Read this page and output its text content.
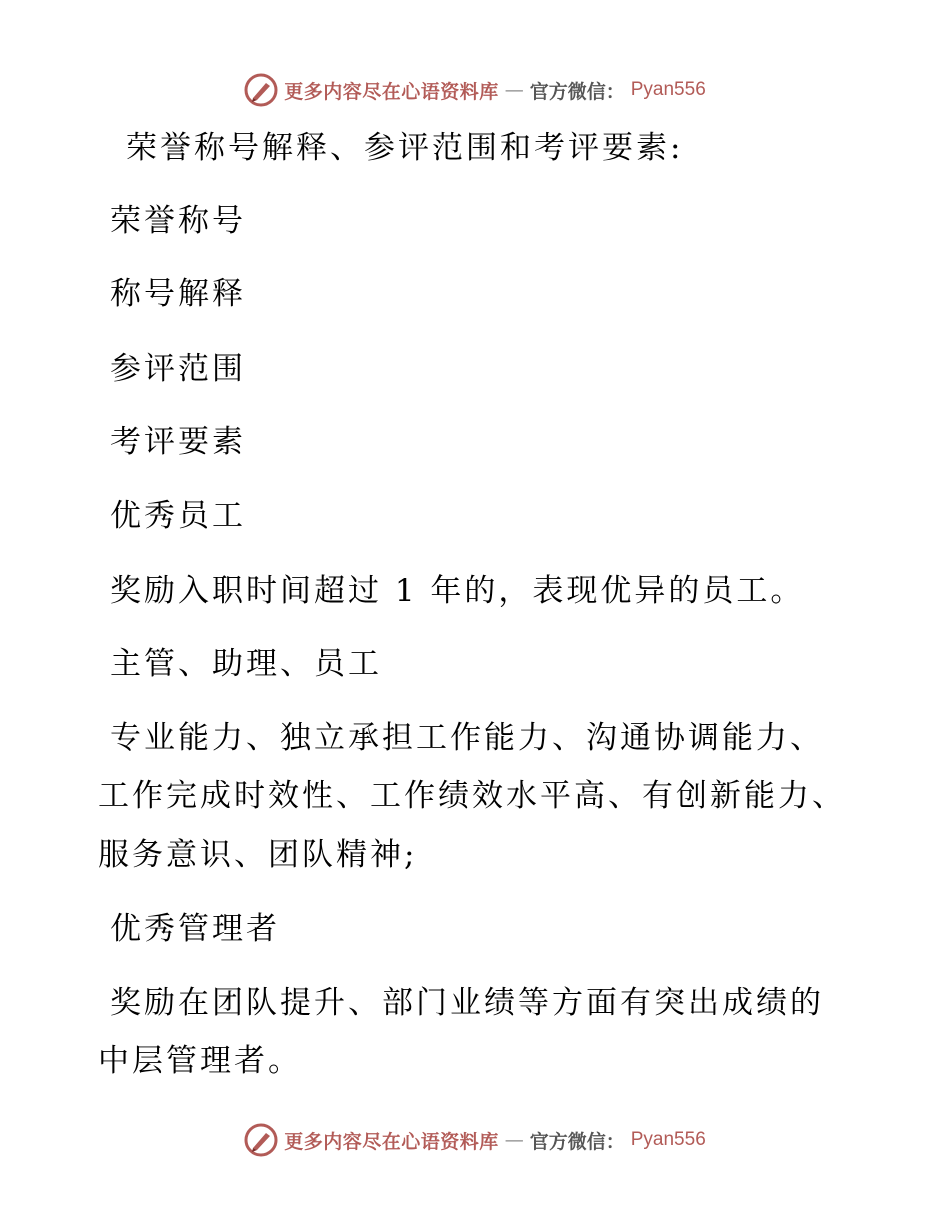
更多内容尽在心语资料库 — 官方微信： Pyan556

荣誉称号解释、参评范围和考评要素:

荣誉称号

称号解释

参评范围

考评要素

优秀员工

奖励入职时间超过 1 年的，表现优异的员工。

主管、助理、员工

专业能力、独立承担工作能力、沟通协调能力、

工作完成时效性、工作绩效水平高、有创新能力、

服务意识、团队精神;

优秀管理者

奖励在团队提升、部门业绩等方面有突出成绩的

中层管理者。

更多内容尽在心语资料库 — 官方微信： Pyan556
